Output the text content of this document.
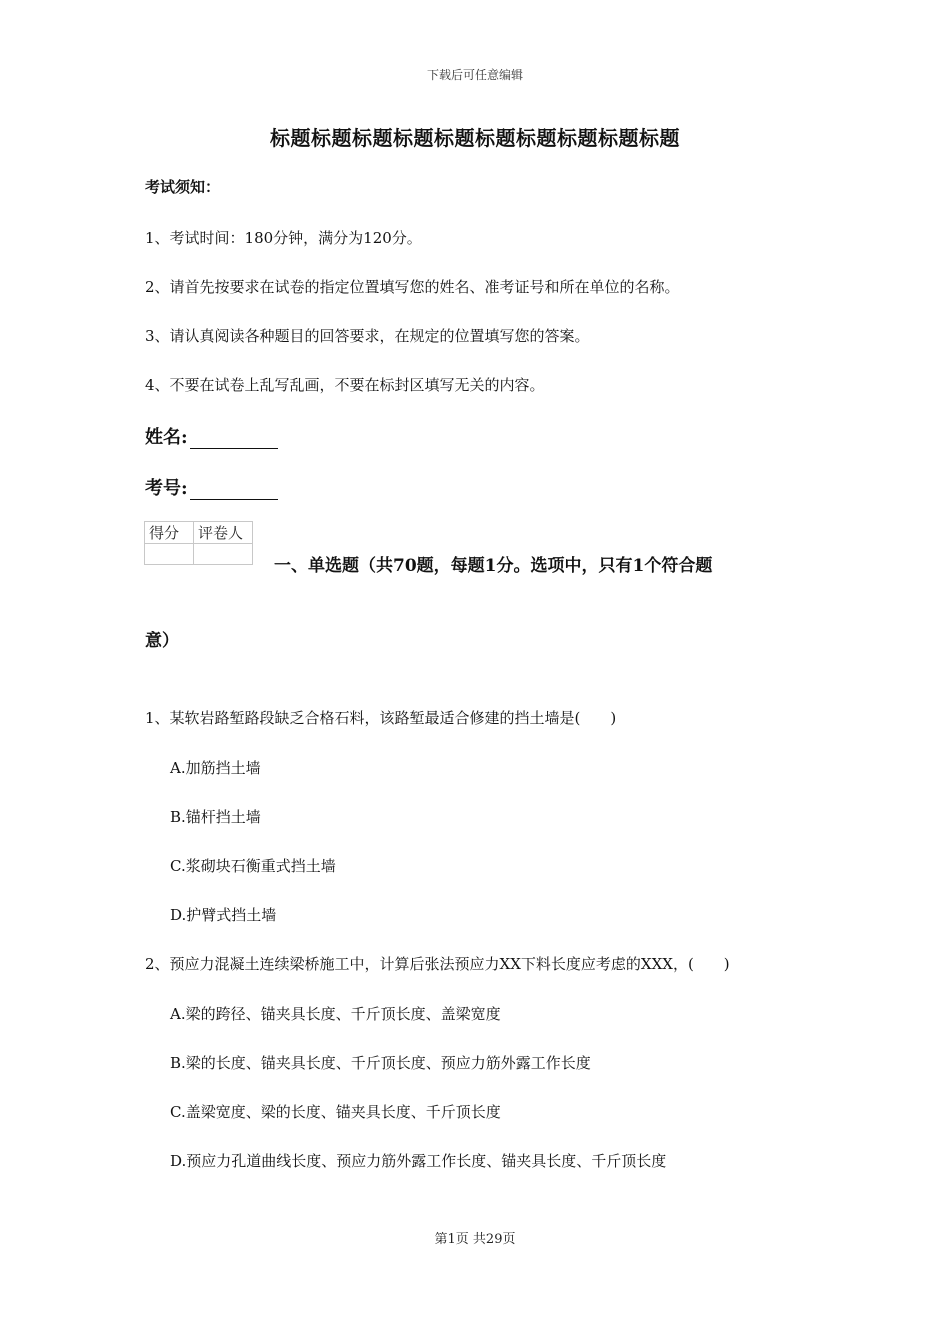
下载后可任意编辑
标题标题标题标题标题标题标题标题标题标题
考试须知：
1、考试时间：180分钟，满分为120分。
2、请首先按要求在试卷的指定位置填写您的姓名、准考证号和所在单位的名称。
3、请认真阅读各种题目的回答要求，在规定的位置填写您的答案。
4、不要在试卷上乱写乱画，不要在标封区填写无关的内容。
姓名:
考号:
得分	评卷人

一、单选题（共70题，每题1分。选项中，只有1个符合题
意）
1、某软岩路堑路段缺乏合格石料，该路堑最适合修建的挡土墙是(　　)
A.加筋挡土墙
B.锚杆挡土墙
C.浆砌块石衡重式挡土墙
D.护臂式挡土墙
2、预应力混凝土连续梁桥施工中，计算后张法预应力XX下料长度应考虑的XXX，(　　)
A.梁的跨径、锚夹具长度、千斤顶长度、盖梁宽度
B.梁的长度、锚夹具长度、千斤顶长度、预应力筋外露工作长度
C.盖梁宽度、梁的长度、锚夹具长度、千斤顶长度
D.预应力孔道曲线长度、预应力筋外露工作长度、锚夹具长度、千斤顶长度
第1页 共29页
